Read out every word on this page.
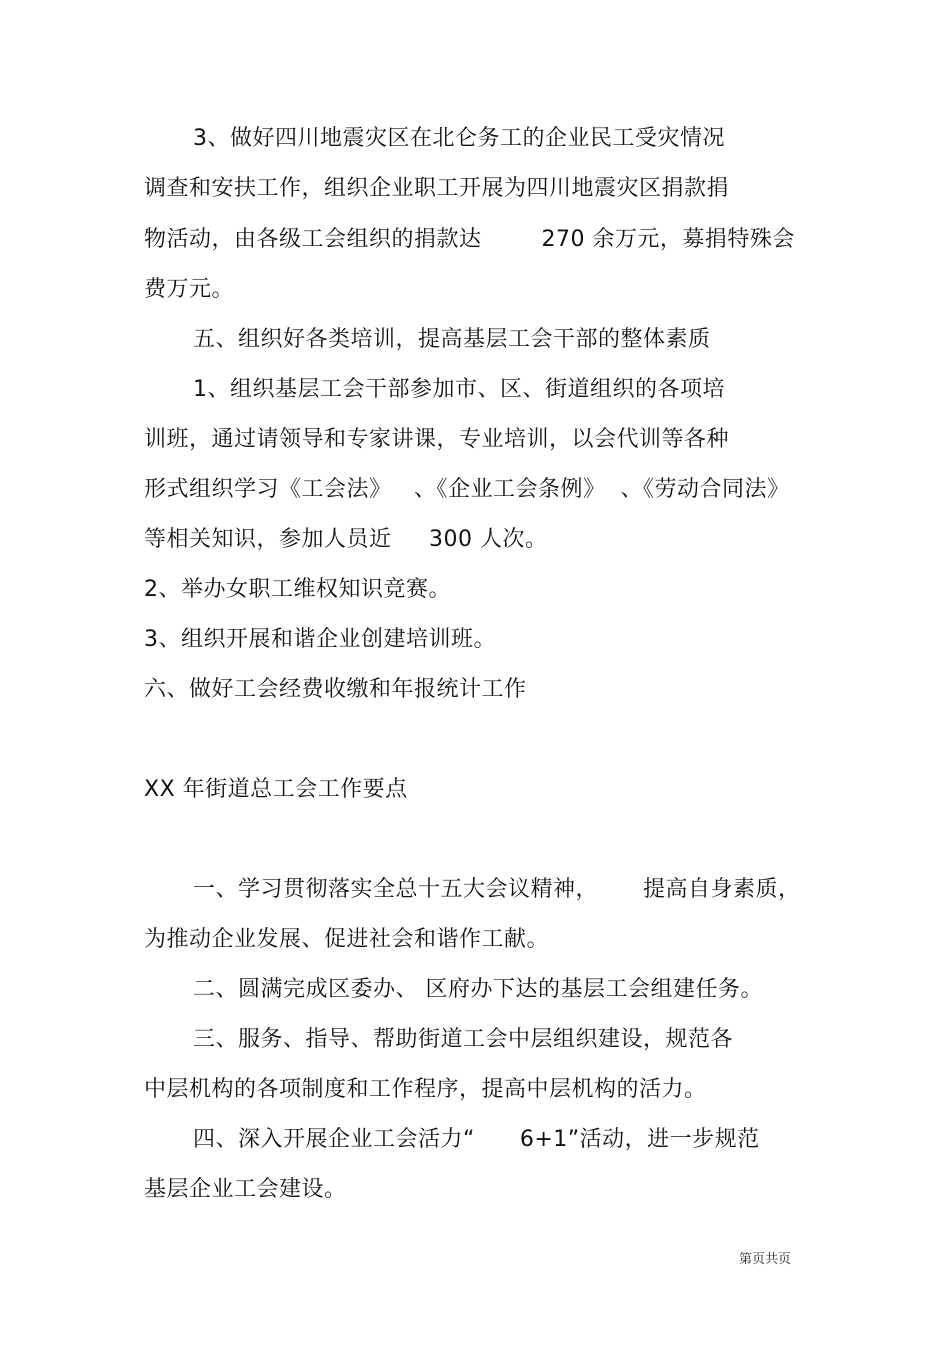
3、做好四川地震灾区在北仑务工的企业民工受灾情况
调查和安扶工作，组织企业职工开展为四川地震灾区捐款捐
物活动，由各级工会组织的捐款达        270 余万元，募捐特殊会
费万元。
五、组织好各类培训，提高基层工会干部的整体素质
1、组织基层工会干部参加市、区、街道组织的各项培
训班，通过请领导和专家讲课，专业培训，以会代训等各种
形式组织学习《工会法》   、《企业工会条例》  、《劳动合同法》
等相关知识，参加人员近     300 人次。
2、举办女职工维权知识竞赛。
3、组织开展和谐企业创建培训班。
六、做好工会经费收缴和年报统计工作
XX 年街道总工会工作要点
一、学习贯彻落实全总十五大会议精神，      提高自身素质，
为推动企业发展、促进社会和谐作工献。
二、圆满完成区委办、 区府办下达的基层工会组建任务。
三、服务、指导、帮助街道工会中层组织建设，规范各
中层机构的各项制度和工作程序，提高中层机构的活力。
四、深入开展企业工会活力“      6+1”活动，进一步规范
基层企业工会建设。
第页共页
